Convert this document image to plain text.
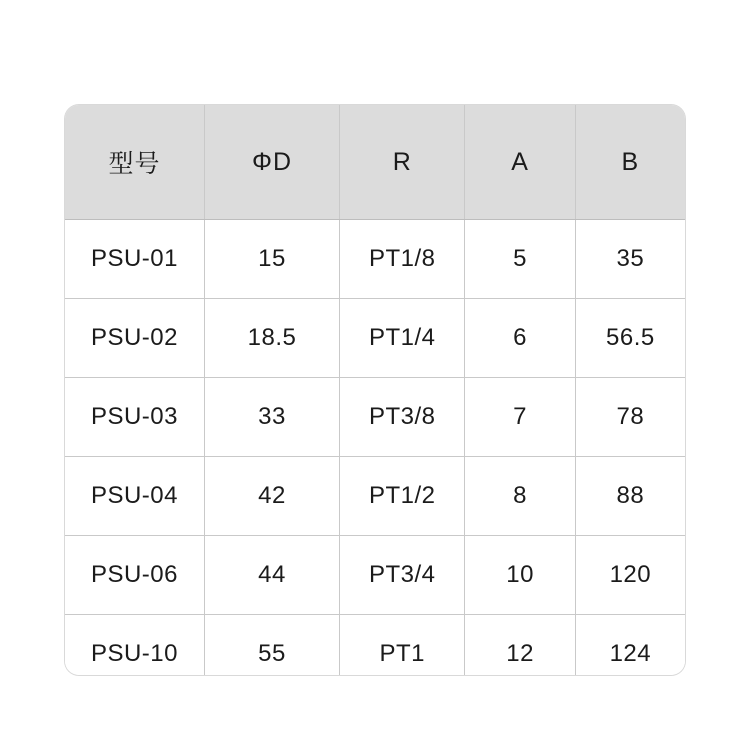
型号	ΦD	R	A	B
PSU-01	15	PT1/8	5	35
PSU-02	18.5	PT1/4	6	56.5
PSU-03	33	PT3/8	7	78
PSU-04	42	PT1/2	8	88
PSU-06	44	PT3/4	10	120
PSU-10	55	PT1	12	124
